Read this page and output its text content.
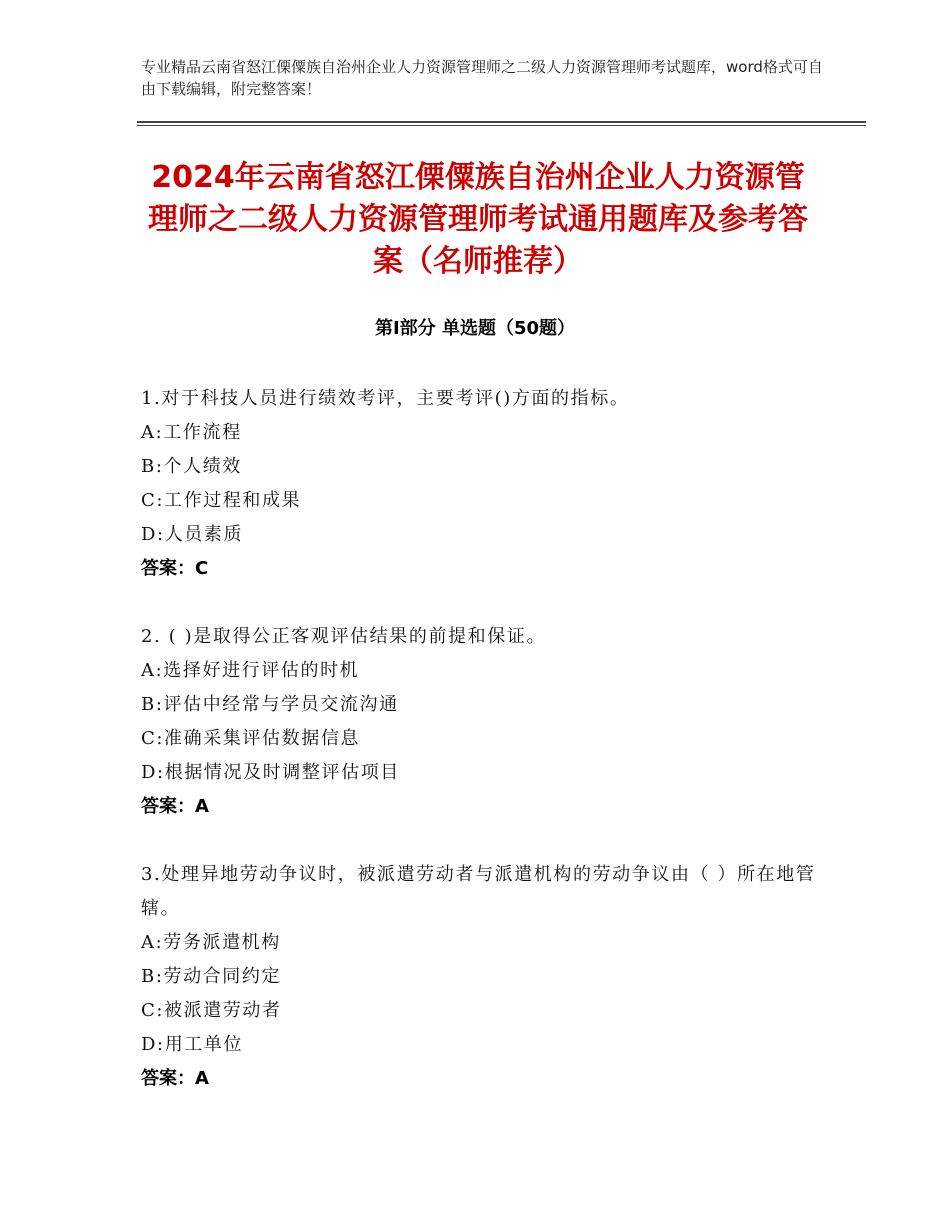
专业精品云南省怒江傈僳族自治州企业人力资源管理师之二级人力资源管理师考试题库，word格式可自由下载编辑，附完整答案！
2024年云南省怒江傈僳族自治州企业人力资源管理师之二级人力资源管理师考试通用题库及参考答案（名师推荐）
第Ⅰ部分 单选题（50题）
1.对于科技人员进行绩效考评，主要考评()方面的指标。
A:工作流程
B:个人绩效
C:工作过程和成果
D:人员素质
答案：C
2. ( )是取得公正客观评估结果的前提和保证。
A:选择好进行评估的时机
B:评估中经常与学员交流沟通
C:准确采集评估数据信息
D:根据情况及时调整评估项目
答案：A
3.处理异地劳动争议时，被派遣劳动者与派遣机构的劳动争议由（ ）所在地管辖。
A:劳务派遣机构
B:劳动合同约定
C:被派遣劳动者
D:用工单位
答案：A
